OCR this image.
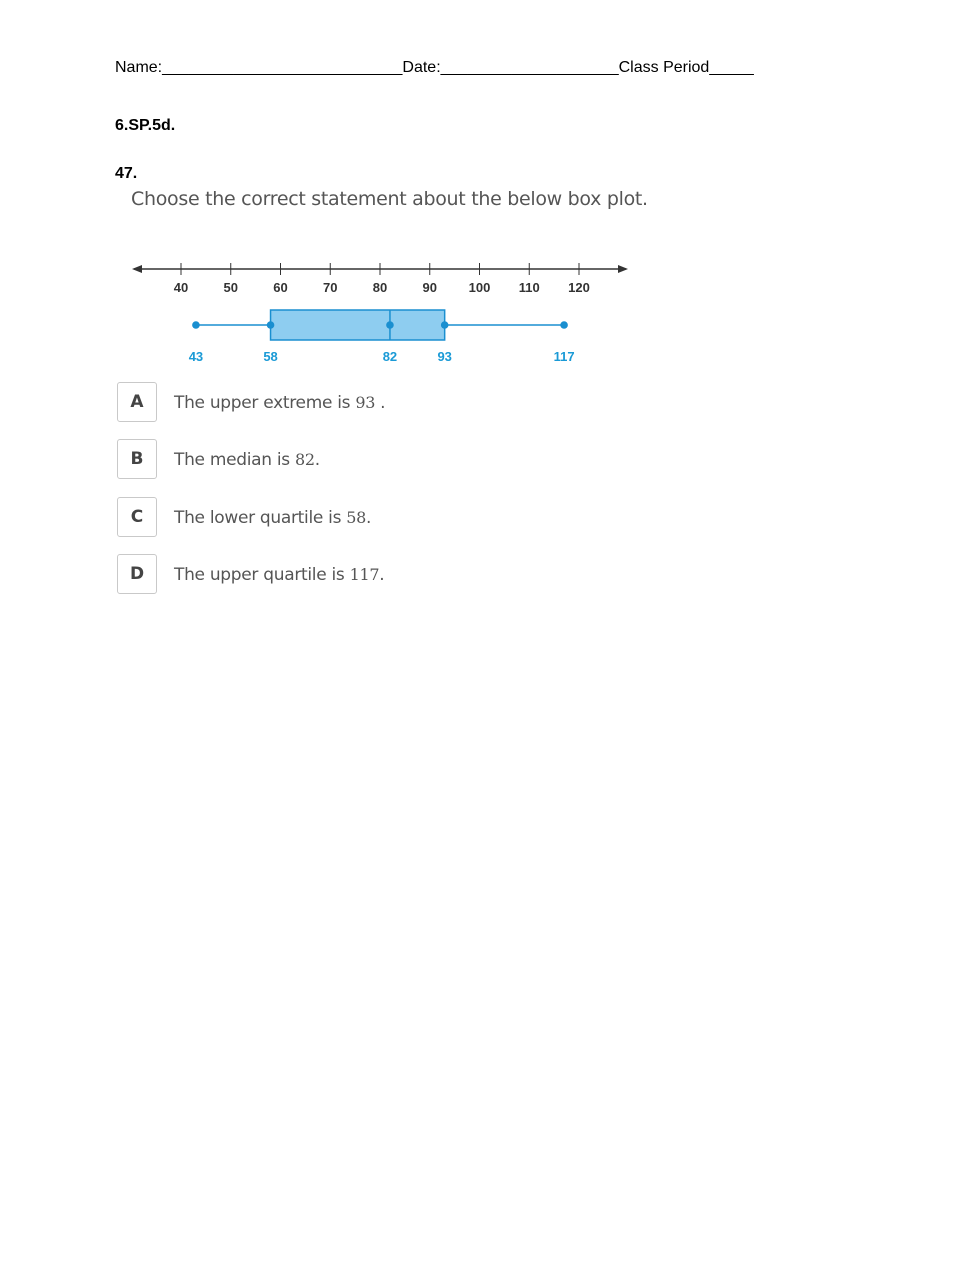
Name:___________________________Date:____________________Class Period_____
6.SP.5d.
47.
Choose the correct statement about the below box plot.
40	50	60	70	80	90 100 110 120
43	58	82	93	117
A	The upper extreme is 93 .
B	The median is 82.
C	The lower quartile is 58.
D	The upper quartile is 117.
